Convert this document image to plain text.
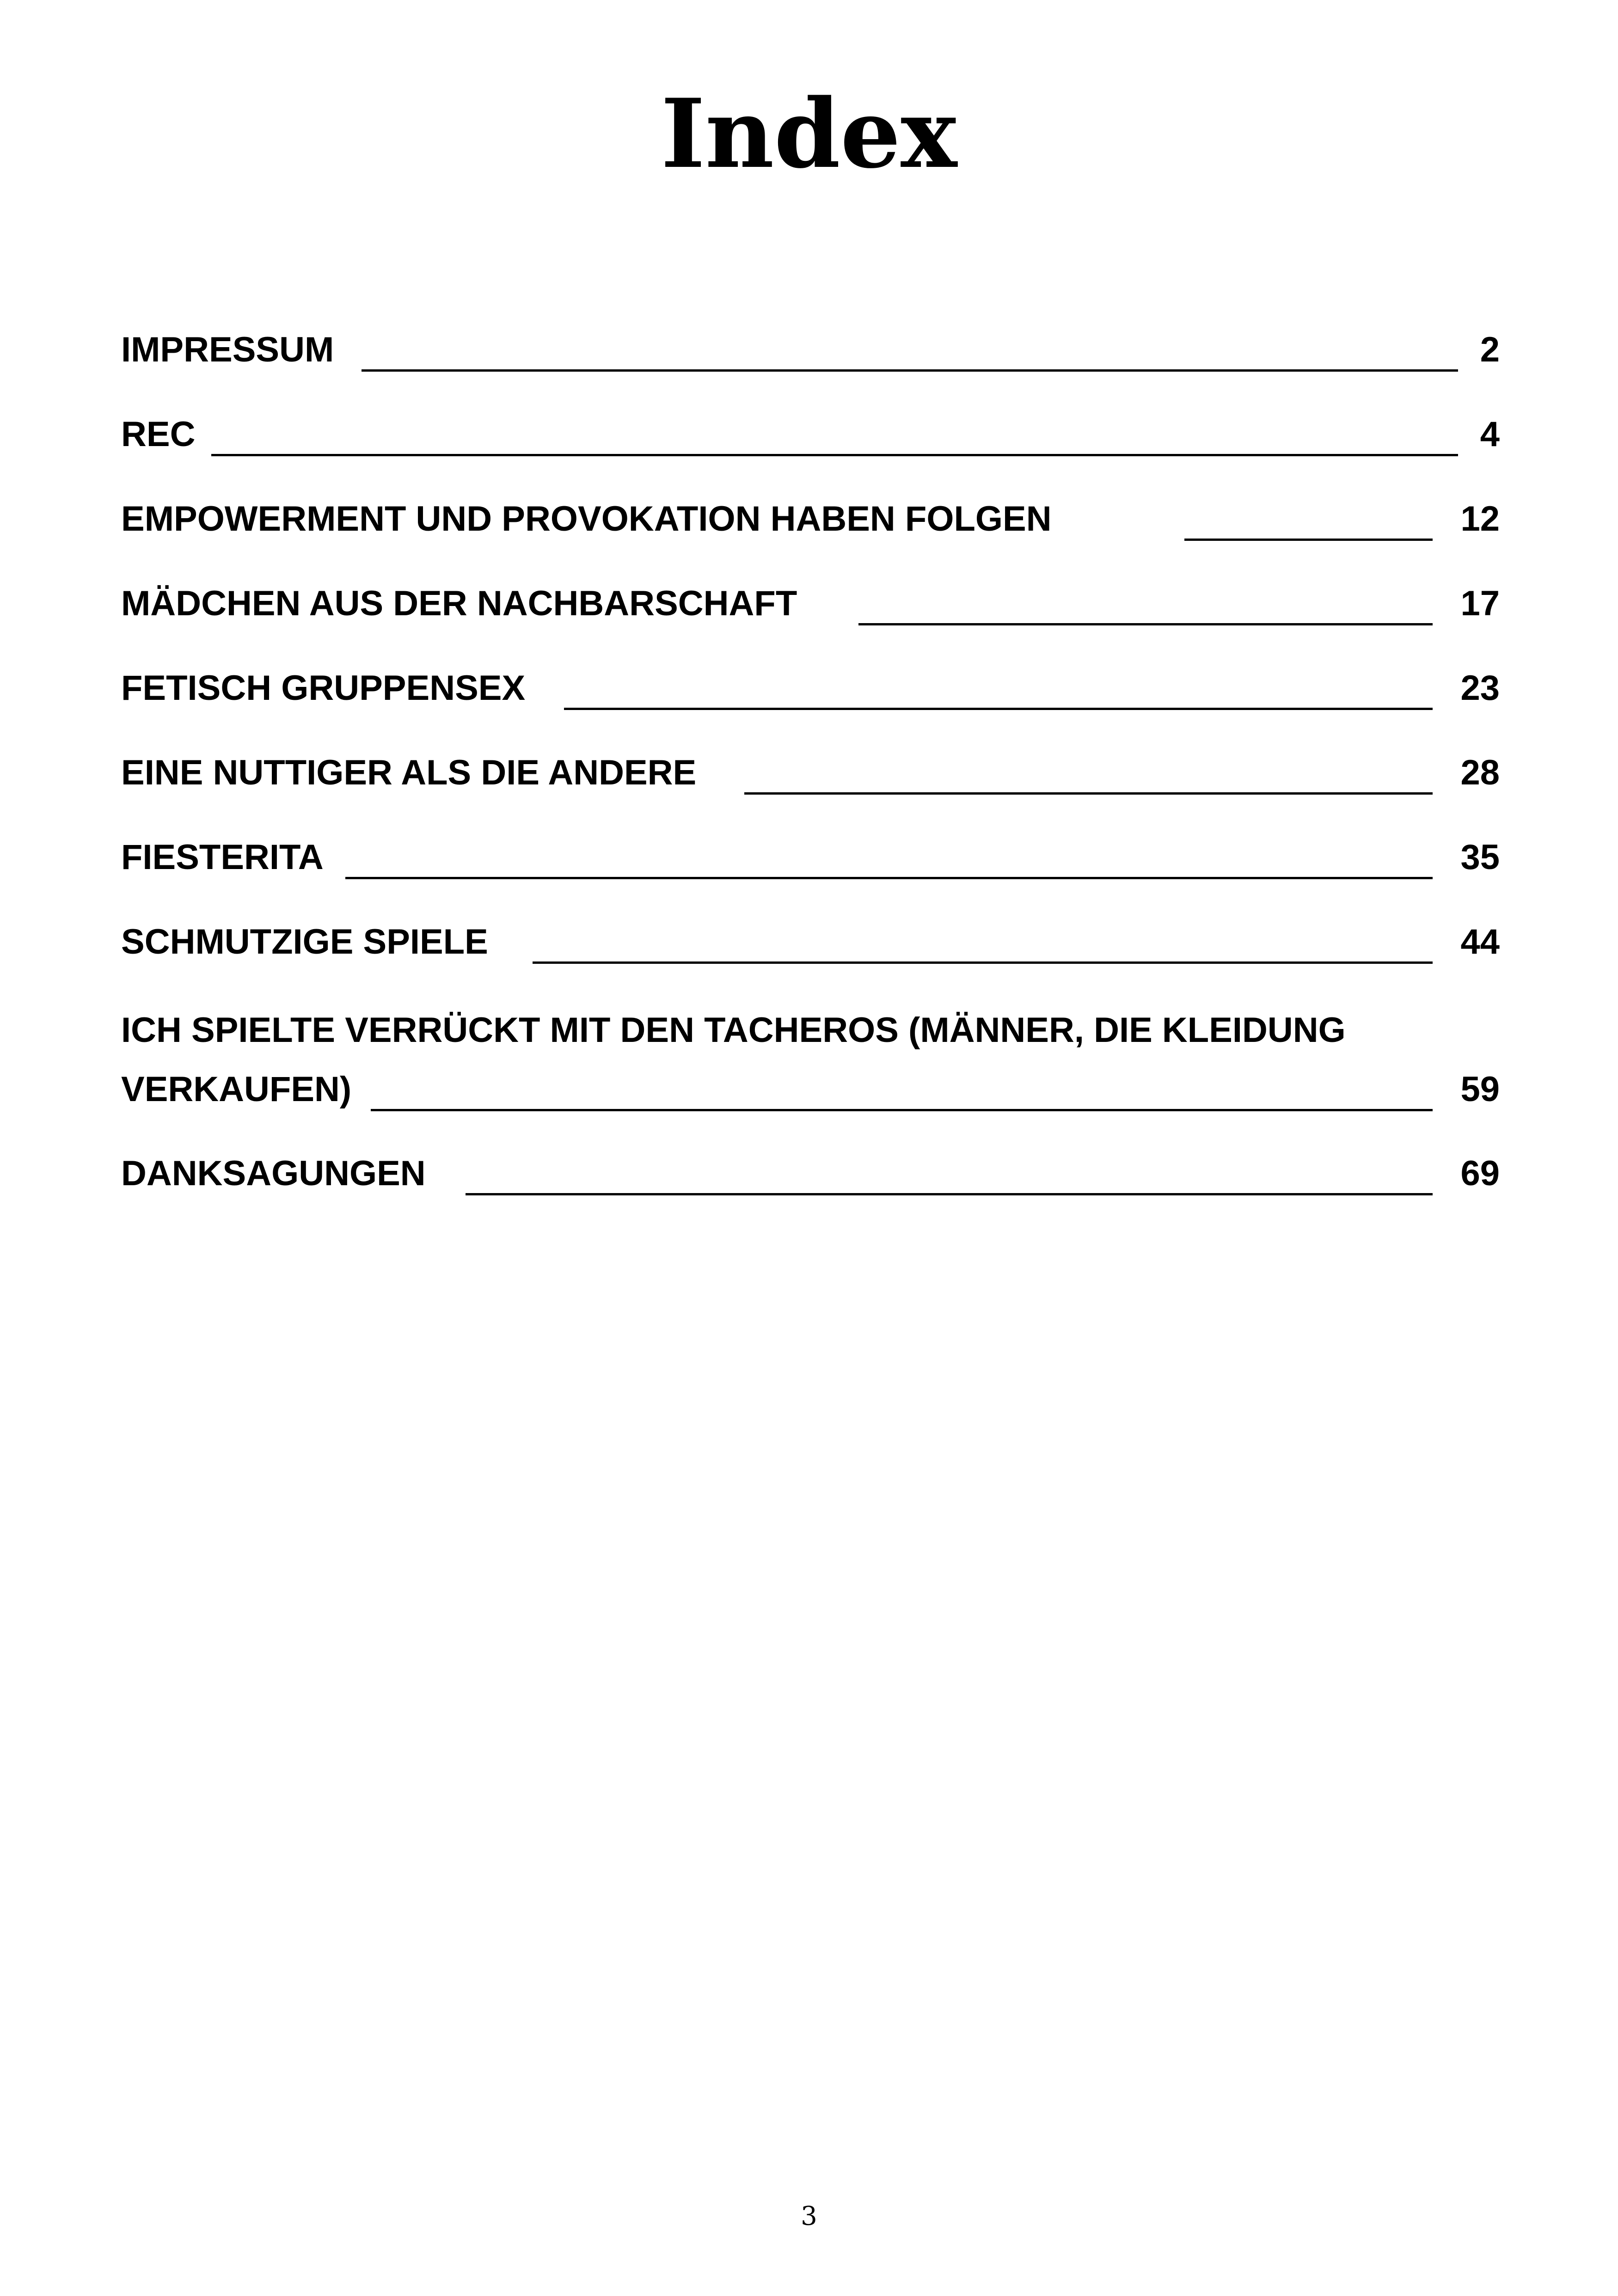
Index
IMPRESSUM	2
REC	4
EMPOWERMENT UND PROVOKATION HABEN FOLGEN	12
MÄDCHEN AUS DER NACHBARSCHAFT	17
FETISCH GRUPPENSEX	23
EINE NUTTIGER ALS DIE ANDERE	28
FIESTERITA	35
SCHMUTZIGE SPIELE	44
ICH SPIELTE VERRÜCKT MIT DEN TACHEROS (MÄNNER, DIE KLEIDUNG
VERKAUFEN)	59
DANKSAGUNGEN	69
3
